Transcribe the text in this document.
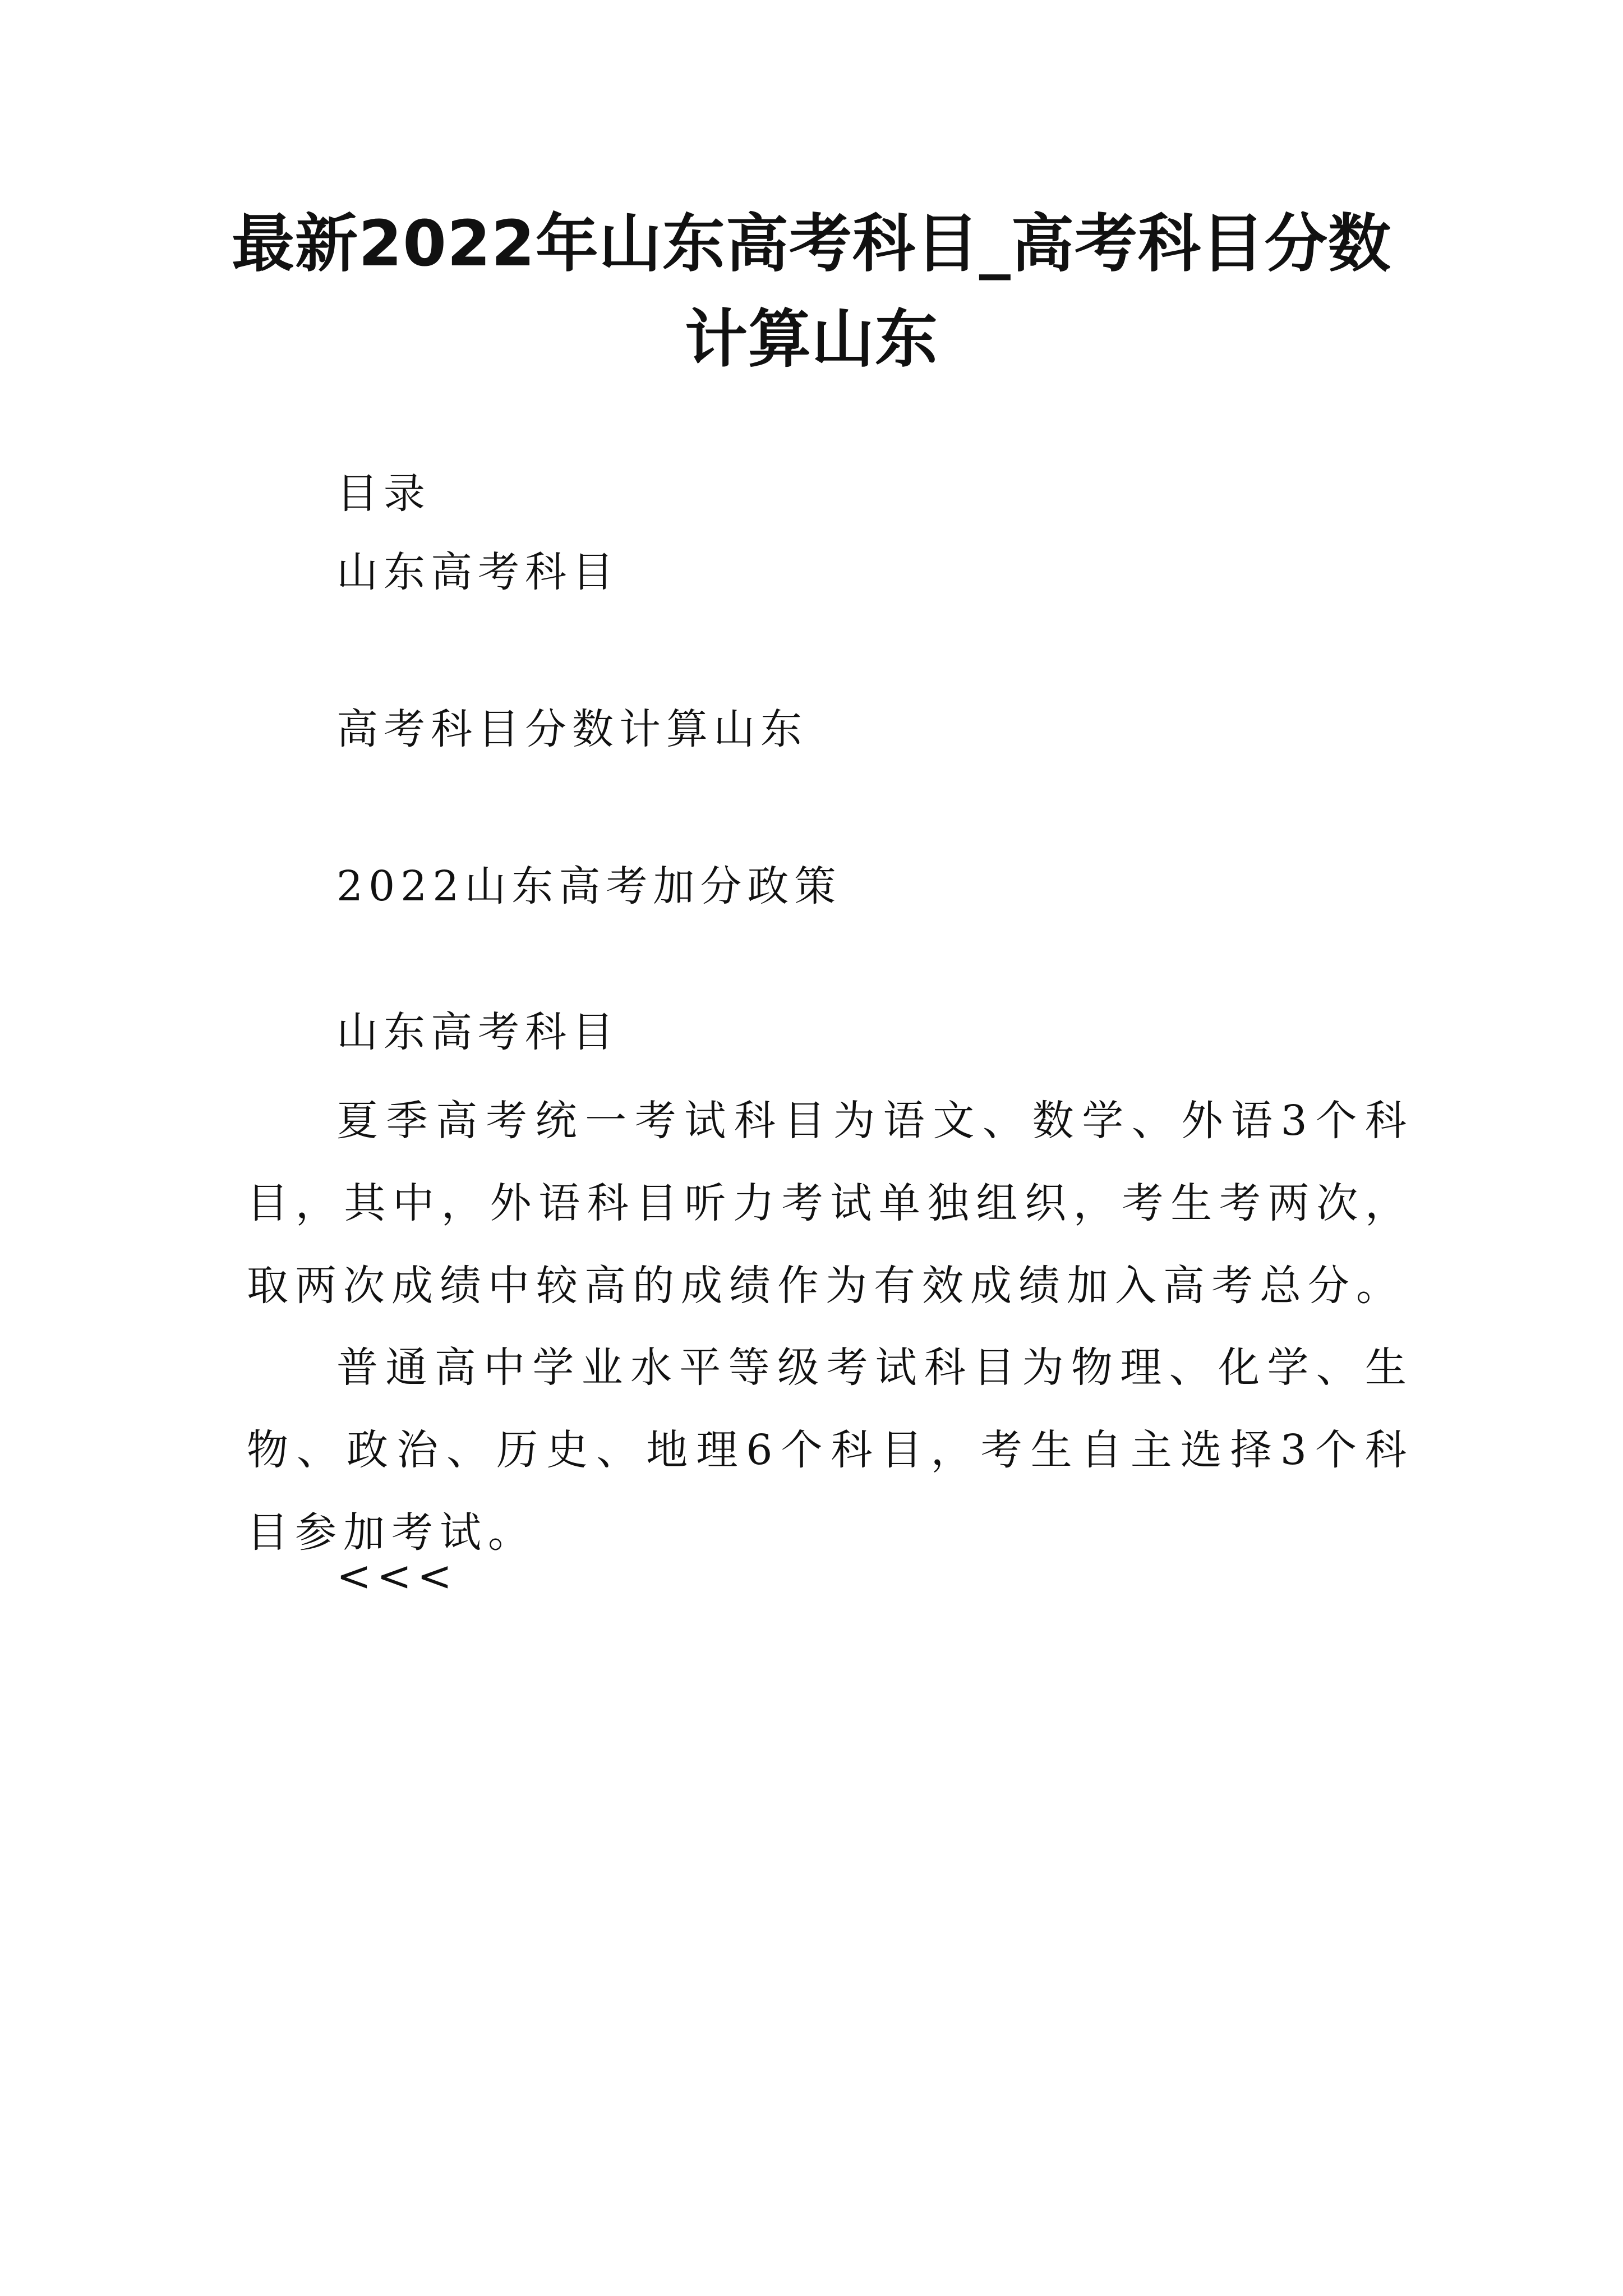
最新2022年山东高考科目_高考科目分数计算山东
目录
山东高考科目
高考科目分数计算山东
2022山东高考加分政策
山东高考科目

夏季高考统一考试科目为语文、数学、外语3个科目，其中，外语科目听力考试单独组织，考生考两次，取两次成绩中较高的成绩作为有效成绩加入高考总分。

普通高中学业水平等级考试科目为物理、化学、生物、政治、历史、地理6个科目，考生自主选择3个科目参加考试。

<<<
